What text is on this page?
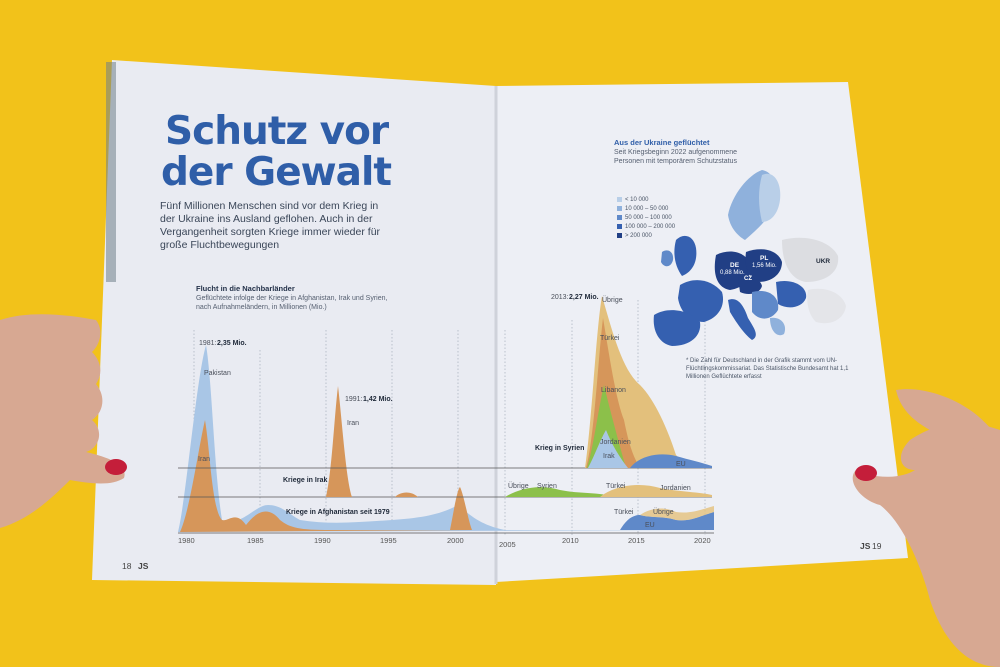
Schutz vor
der Gewalt
Fünf Millionen Menschen sind vor dem Krieg in der Ukraine ins Ausland geflohen. Auch in der Vergangenheit sorgten Kriege immer wieder für große Fluchtbewegungen
Flucht in die Nachbarländer
Geflüchtete infolge der Kriege in Afghanistan, Irak und Syrien, nach Aufnahmeländern, in Millionen (Mio.)
1981: 2,35 Mio.
Pakistan
Iran
1991: 1,42 Mio.
Iran
2013: 2,27 Mio. Übrige
Türkei
Libanon
Jordanien
Irak
EU
Übrige Syrien	Türkei	Jordanien
Türkei	Übrige
EU
Krieg in Syrien
Kriege in Irak
Kriege in Afghanistan seit 1979
1980	1985	1990	1995	2000	2005	2010	2015	2020
Aus der Ukraine geflüchtet
Seit Kriegsbeginn 2022 aufgenommene Personen mit temporärem Schutzstatus
< 10 000
10 000 – 50 000
50 000 – 100 000
100 000 – 200 000
> 200 000
DE
0,88 Mio.
PL
1,56 Mio.
CZ
UKR
* Die Zahl für Deutschland in der Grafik stammt vom UN-Flüchtlingskommissariat. Das Statistische Bundesamt hat 1,1 Millionen Geflüchtete erfasst
18 JS
JS 19
